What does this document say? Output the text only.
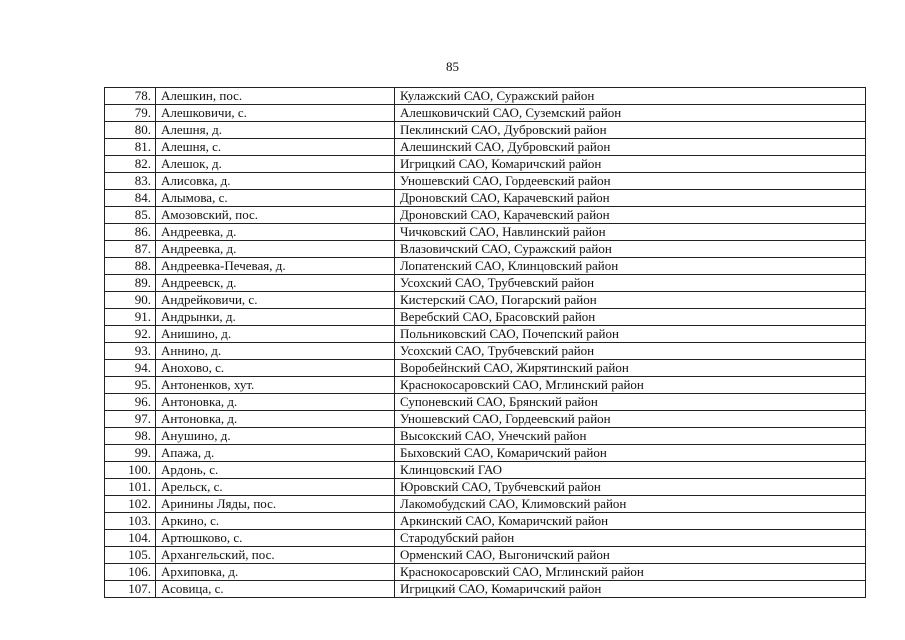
85
78.	Алешкин, пос.	Кулажский САО, Суражский район
79.	Алешковичи, с.	Алешковичский САО, Суземский район
80.	Алешня, д.	Пеклинский САО, Дубровский район
81.	Алешня, с.	Алешинский САО, Дубровский район
82.	Алешок, д.	Игрицкий САО, Комаричский район
83.	Алисовка, д.	Уношевский САО, Гордеевский район
84.	Алымова, с.	Дроновский САО, Карачевский район
85.	Амозовский, пос.	Дроновский САО, Карачевский район
86.	Андреевка, д.	Чичковский САО, Навлинский район
87.	Андреевка, д.	Влазовичский САО, Суражский район
88.	Андреевка-Печевая, д.	Лопатенский САО, Клинцовский район
89.	Андреевск, д.	Усохский САО, Трубчевский район
90.	Андрейковичи, с.	Кистерский САО, Погарский район
91.	Андрынки, д.	Веребский САО, Брасовский район
92.	Анишино, д.	Польниковский САО, Почепский район
93.	Аннино, д.	Усохский САО, Трубчевский район
94.	Анохово, с.	Воробейнский САО, Жирятинский район
95.	Антоненков, хут.	Краснокосаровский САО, Мглинский район
96.	Антоновка, д.	Супоневский САО, Брянский район
97.	Антоновка, д.	Уношевский САО, Гордеевский район
98.	Анушино, д.	Высокский САО, Унечский район
99.	Апажа, д.	Быховский САО, Комаричский район
100.	Ардонь, с.	Клинцовский ГАО
101.	Арельск, с.	Юровский САО, Трубчевский район
102.	Аринины Ляды, пос.	Лакомобудский САО, Климовский район
103.	Аркино, с.	Аркинский САО, Комаричский район
104.	Артюшково, с.	Стародубский район
105.	Архангельский, пос.	Орменский САО, Выгоничский район
106.	Архиповка, д.	Краснокосаровский САО, Мглинский район
107.	Асовица, с.	Игрицкий САО, Комаричский район
